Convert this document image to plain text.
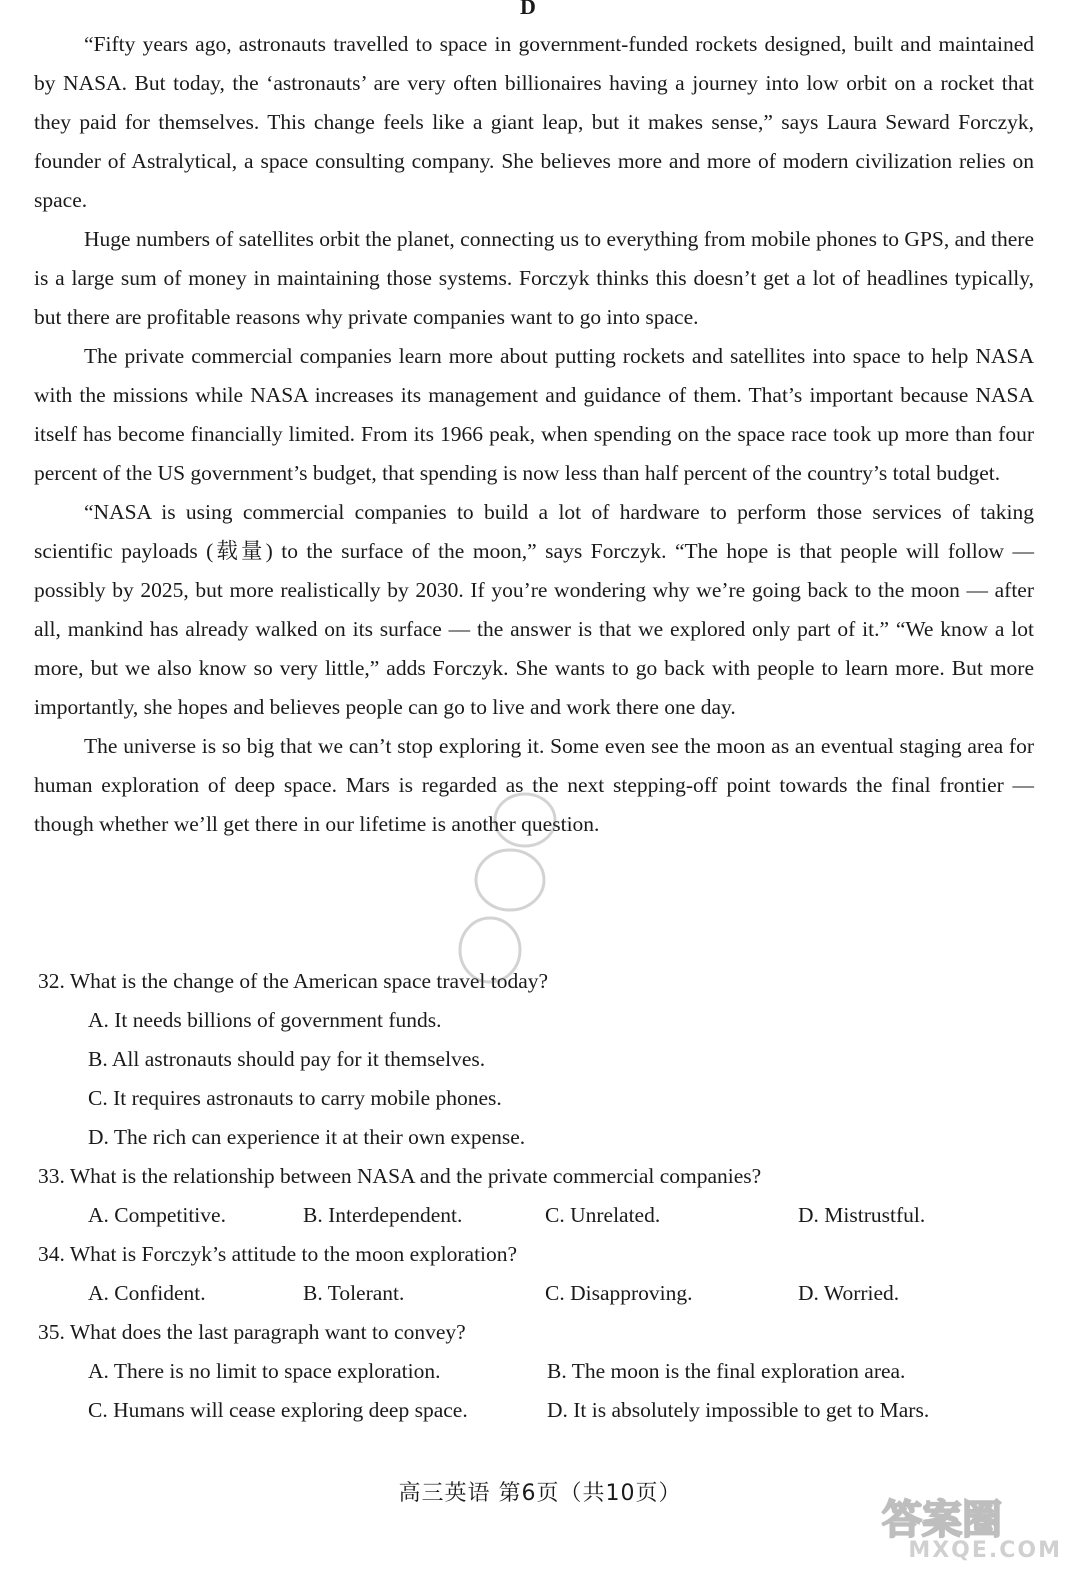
D

“Fifty years ago, astronauts travelled to space in government-funded rockets designed, built and maintained by NASA. But today, the ‘astronauts’ are very often billionaires having a journey into low orbit on a rocket that they paid for themselves. This change feels like a giant leap, but it makes sense,” says Laura Seward Forczyk, founder of Astralytical, a space consulting company. She believes more and more of modern civilization relies on space.

Huge numbers of satellites orbit the planet, connecting us to everything from mobile phones to GPS, and there is a large sum of money in maintaining those systems. Forczyk thinks this doesn’t get a lot of headlines typically, but there are profitable reasons why private companies want to go into space.

The private commercial companies learn more about putting rockets and satellites into space to help NASA with the missions while NASA increases its management and guidance of them. That’s important because NASA itself has become financially limited. From its 1966 peak, when spending on the space race took up more than four percent of the US government’s budget, that spending is now less than half percent of the country’s total budget.

“NASA is using commercial companies to build a lot of hardware to perform those services of taking scientific payloads (载量) to the surface of the moon,” says Forczyk. “The hope is that people will follow — possibly by 2025, but more realistically by 2030. If you’re wondering why we’re going back to the moon — after all, mankind has already walked on its surface — the answer is that we explored only part of it.” “We know a lot more, but we also know so very little,” adds Forczyk. She wants to go back with people to learn more. But more importantly, she hopes and believes people can go to live and work there one day.

The universe is so big that we can’t stop exploring it. Some even see the moon as an eventual staging area for human exploration of deep space. Mars is regarded as the next stepping-off point towards the final frontier — though whether we’ll get there in our lifetime is another question.

32. What is the change of the American space travel today?
A. It needs billions of government funds.
B. All astronauts should pay for it themselves.
C. It requires astronauts to carry mobile phones.
D. The rich can experience it at their own expense.
33. What is the relationship between NASA and the private commercial companies?
A. Competitive.	B. Interdependent.	C. Unrelated.	D. Mistrustful.
34. What is Forczyk’s attitude to the moon exploration?
A. Confident.	B. Tolerant.	C. Disapproving.	D. Worried.
35. What does the last paragraph want to convey?
A. There is no limit to space exploration.	B. The moon is the final exploration area.
C. Humans will cease exploring deep space.	D. It is absolutely impossible to get to Mars.
高三英语 第6页（共10页）
答案圈
MXQE.COM
